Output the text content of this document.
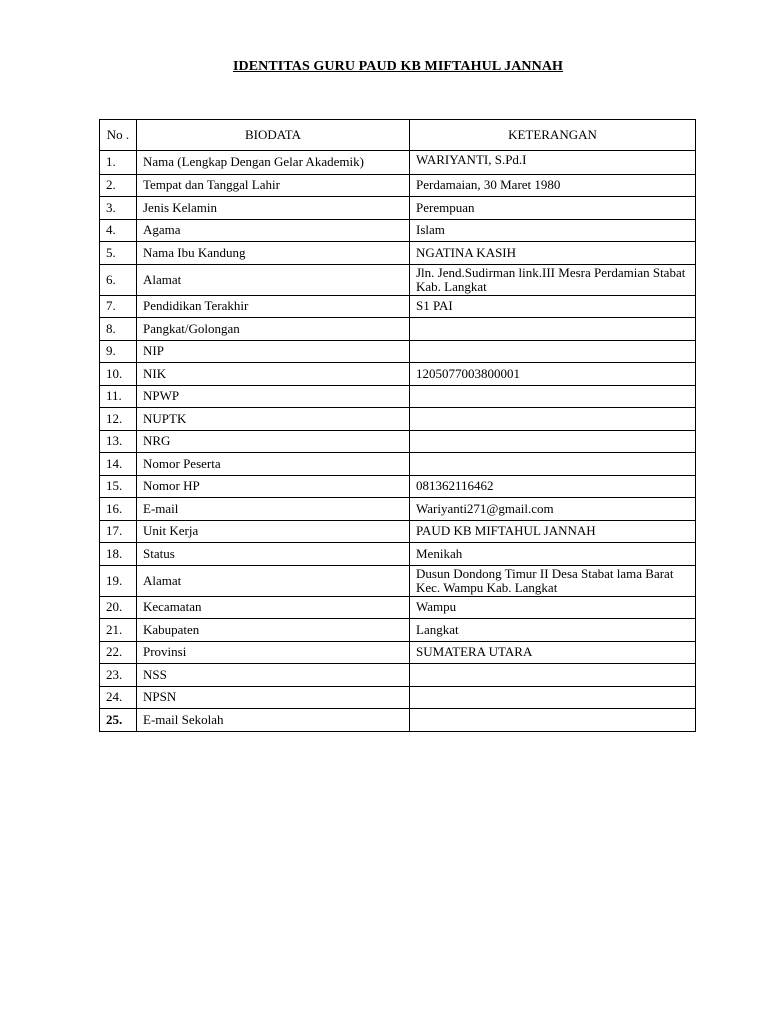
IDENTITAS GURU PAUD KB MIFTAHUL JANNAH
No .	BIODATA	KETERANGAN
1.	Nama (Lengkap Dengan Gelar Akademik)	WARIYANTI, S.Pd.I
2.	Tempat dan Tanggal Lahir	Perdamaian, 30 Maret 1980
3.	Jenis Kelamin	Perempuan
4.	Agama	Islam
5.	Nama Ibu Kandung	NGATINA KASIH
6.	Alamat	Jln. Jend.Sudirman link.III Mesra Perdamian Stabat Kab. Langkat
7.	Pendidikan Terakhir	S1 PAI
8.	Pangkat/Golongan	
9.	NIP	
10.	NIK	1205077003800001
11.	NPWP	
12.	NUPTK	
13.	NRG	
14.	Nomor Peserta	
15.	Nomor HP	081362116462
16.	E-mail	Wariyanti271@gmail.com
17.	Unit Kerja	PAUD KB MIFTAHUL JANNAH
18.	Status	Menikah
19.	Alamat	Dusun Dondong Timur II Desa Stabat lama Barat Kec. Wampu Kab. Langkat
20.	Kecamatan	Wampu
21.	Kabupaten	Langkat
22.	Provinsi	SUMATERA UTARA
23.	NSS	
24.	NPSN	
25.	E-mail Sekolah	
